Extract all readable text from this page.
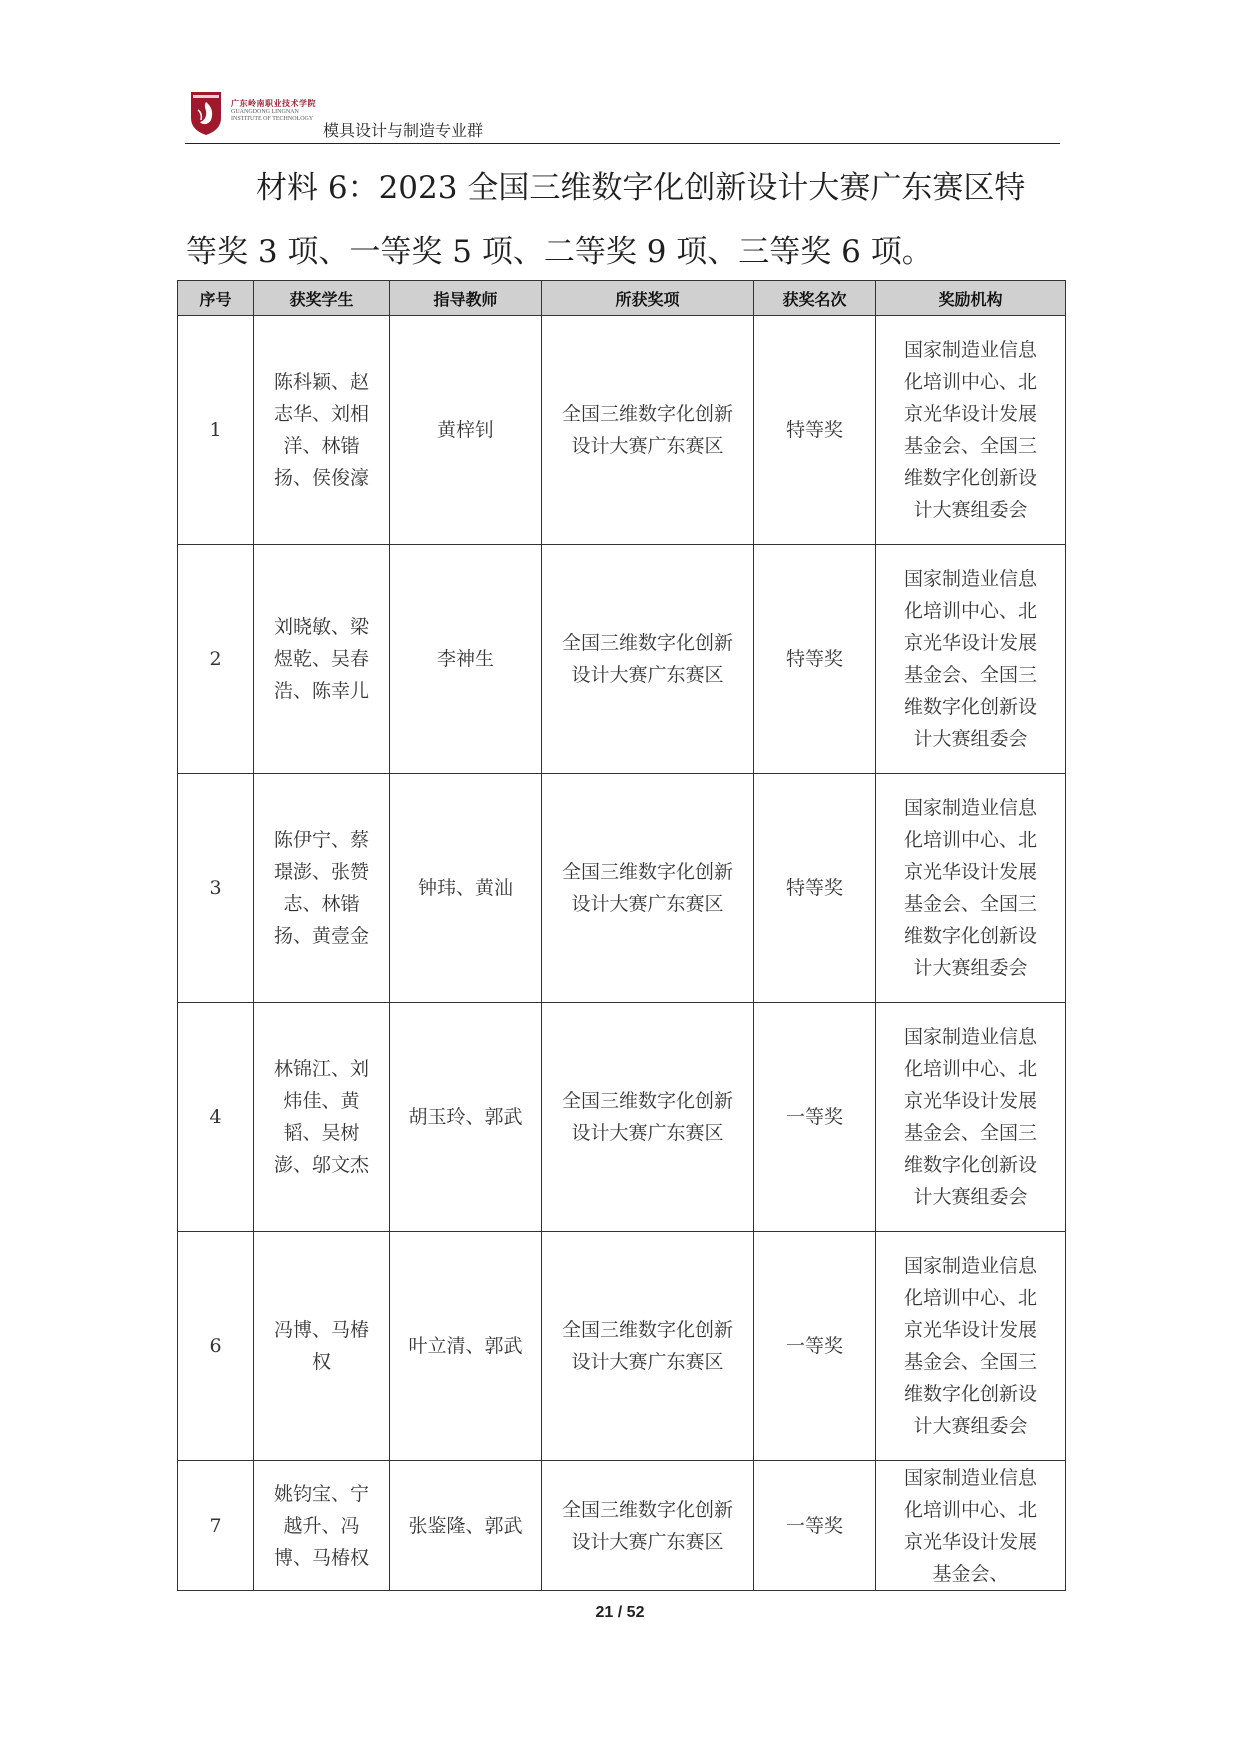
广东岭南职业技术学院
GUANGDONG LINGNAN
INSTITUTE OF TECHNOLOGY
模具设计与制造专业群
材料 6：2023 全国三维数字化创新设计大赛广东赛区特
等奖 3 项、一等奖 5 项、二等奖 9 项、三等奖 6 项。
序号	获奖学生	指导教师	所获奖项	获奖名次	奖励机构
1	陈科颖、赵志华、刘相洋、林锴扬、侯俊濠	黄梓钊	全国三维数字化创新设计大赛广东赛区	特等奖	国家制造业信息化培训中心、北京光华设计发展基金会、全国三维数字化创新设计大赛组委会

2	刘晓敏、梁煜乾、吴春浩、陈幸儿	李神生	全国三维数字化创新设计大赛广东赛区	特等奖	国家制造业信息化培训中心、北京光华设计发展基金会、全国三维数字化创新设计大赛组委会

3	陈伊宁、蔡璟澎、张赞志、林锴扬、黄壹金	钟玮、黄汕	全国三维数字化创新设计大赛广东赛区	特等奖	国家制造业信息化培训中心、北京光华设计发展基金会、全国三维数字化创新设计大赛组委会

4	林锦江、刘炜佳、黄韬、吴树澎、邬文杰	胡玉玲、郭武	全国三维数字化创新设计大赛广东赛区	一等奖	国家制造业信息化培训中心、北京光华设计发展基金会、全国三维数字化创新设计大赛组委会

6	冯博、马椿权	叶立清、郭武	全国三维数字化创新设计大赛广东赛区	一等奖	国家制造业信息化培训中心、北京光华设计发展基金会、全国三维数字化创新设计大赛组委会

7	姚钧宝、宁越升、冯博、马椿权	张鉴隆、郭武	全国三维数字化创新设计大赛广东赛区	一等奖	国家制造业信息化培训中心、北京光华设计发展基金会、
21 / 52
